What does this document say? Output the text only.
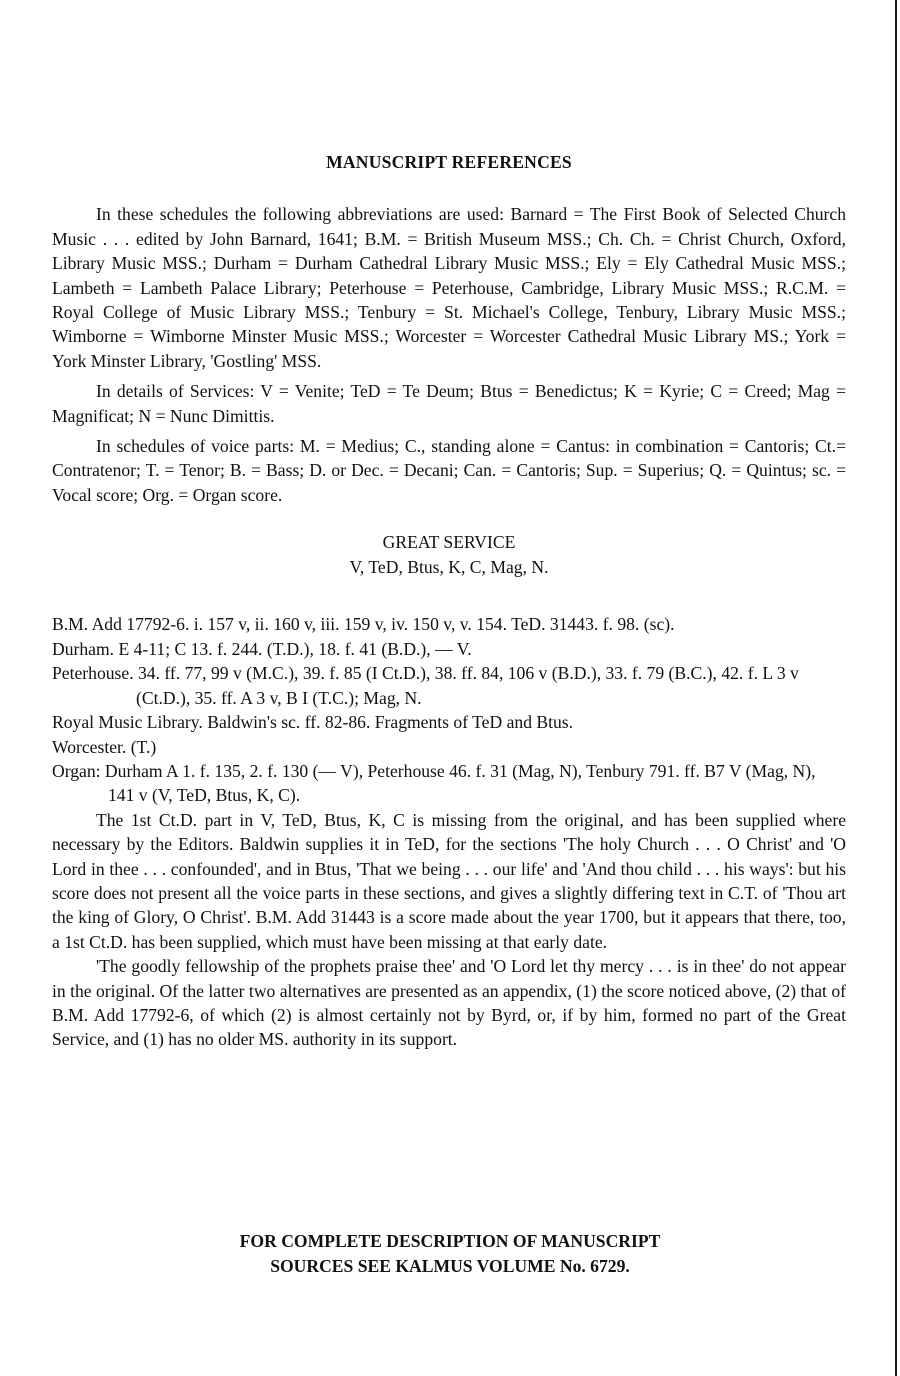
MANUSCRIPT REFERENCES

In these schedules the following abbreviations are used: Barnard = The First Book of Selected Church Music . . . edited by John Barnard, 1641; B.M. = British Museum MSS.; Ch. Ch. = Christ Church, Oxford, Library Music MSS.; Durham = Durham Cathedral Library Music MSS.; Ely = Ely Cathedral Music MSS.; Lambeth = Lambeth Palace Library; Peterhouse = Peterhouse, Cambridge, Library Music MSS.; R.C.M. = Royal College of Music Library MSS.; Tenbury = St. Michael's College, Tenbury, Library Music MSS.; Wimborne = Wimborne Minster Music MSS.; Worcester = Worcester Cathedral Music Library MS.; York = York Minster Library, 'Gostling' MSS.

In details of Services: V = Venite; TeD = Te Deum; Btus = Benedictus; K = Kyrie; C = Creed; Mag = Magnificat; N = Nunc Dimittis.

In schedules of voice parts: M. = Medius; C., standing alone = Cantus: in combination = Cantoris; Ct.= Contratenor; T. = Tenor; B. = Bass; D. or Dec. = Decani; Can. = Cantoris; Sup. = Superius; Q. = Quintus; sc. = Vocal score; Org. = Organ score.

GREAT SERVICE
V, TeD, Btus, K, C, Mag, N.
B.M. Add 17792-6. i. 157 v, ii. 160 v, iii. 159 v, iv. 150 v, v. 154. TeD. 31443. f. 98. (sc).
Durham. E 4-11; C 13. f. 244. (T.D.), 18. f. 41 (B.D.), — V.
Peterhouse. 34. ff. 77, 99 v (M.C.), 39. f. 85 (I Ct.D.), 38. ff. 84, 106 v (B.D.), 33. f. 79 (B.C.), 42. f. L 3 v (Ct.D.), 35. ff. A 3 v, B I (T.C.); Mag, N.
Royal Music Library. Baldwin's sc. ff. 82-86. Fragments of TeD and Btus.
Worcester. (T.)
Organ: Durham A 1. f. 135, 2. f. 130 (— V), Peterhouse 46. f. 31 (Mag, N), Tenbury 791. ff. B7 V (Mag, N), 141 v (V, TeD, Btus, K, C).

The 1st Ct.D. part in V, TeD, Btus, K, C is missing from the original, and has been supplied where necessary by the Editors. Baldwin supplies it in TeD, for the sections 'The holy Church . . . O Christ' and 'O Lord in thee . . . confounded', and in Btus, 'That we being . . . our life' and 'And thou child . . . his ways': but his score does not present all the voice parts in these sections, and gives a slightly differing text in C.T. of 'Thou art the king of Glory, O Christ'. B.M. Add 31443 is a score made about the year 1700, but it appears that there, too, a 1st Ct.D. has been supplied, which must have been missing at that early date.

'The goodly fellowship of the prophets praise thee' and 'O Lord let thy mercy . . . is in thee' do not appear in the original. Of the latter two alternatives are presented as an appendix, (1) the score noticed above, (2) that of B.M. Add 17792-6, of which (2) is almost certainly not by Byrd, or, if by him, formed no part of the Great Service, and (1) has no older MS. authority in its support.

FOR COMPLETE DESCRIPTION OF MANUSCRIPT
SOURCES SEE KALMUS VOLUME No. 6729.
